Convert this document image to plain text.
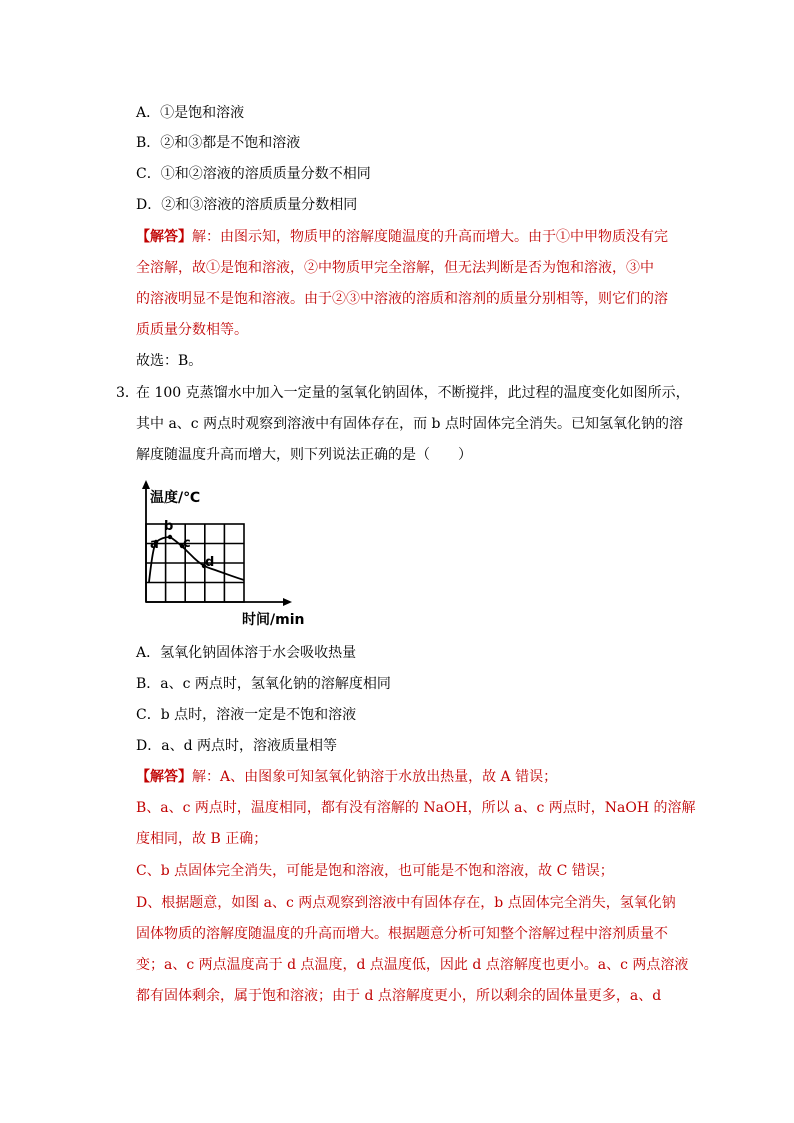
A．①是饱和溶液
B．②和③都是不饱和溶液
C．①和②溶液的溶质质量分数不相同
D．②和③溶液的溶质质量分数相同
【解答】解：由图示知，物质甲的溶解度随温度的升高而增大。由于①中甲物质没有完
全溶解，故①是饱和溶液，②中物质甲完全溶解，但无法判断是否为饱和溶液，③中
的溶液明显不是饱和溶液。由于②③中溶液的溶质和溶剂的质量分别相等，则它们的溶
质质量分数相等。
故选：B。
3．
在 100 克蒸馏水中加入一定量的氢氧化钠固体，不断搅拌，此过程的温度变化如图所示，
其中 a、c 两点时观察到溶液中有固体存在，而 b 点时固体完全消失。已知氢氧化钠的溶
解度随温度升高而增大，则下列说法正确的是（　　）
温度/℃
时间/min
a
b
c
d
A．氢氧化钠固体溶于水会吸收热量
B．a、c 两点时，氢氧化钠的溶解度相同
C．b 点时，溶液一定是不饱和溶液
D．a、d 两点时，溶液质量相等
【解答】解：A、由图象可知氢氧化钠溶于水放出热量，故 A 错误；
B、a、c 两点时，温度相同，都有没有溶解的 NaOH，所以 a、c 两点时，NaOH 的溶解
度相同，故 B 正确；
C、b 点固体完全消失，可能是饱和溶液，也可能是不饱和溶液，故 C 错误；
D、根据题意，如图 a、c 两点观察到溶液中有固体存在，b 点固体完全消失，氢氧化钠
固体物质的溶解度随温度的升高而增大。根据题意分析可知整个溶解过程中溶剂质量不
变；a、c 两点温度高于 d 点温度，d 点温度低，因此 d 点溶解度也更小。a、c 两点溶液
都有固体剩余，属于饱和溶液；由于 d 点溶解度更小，所以剩余的固体量更多，a、d
